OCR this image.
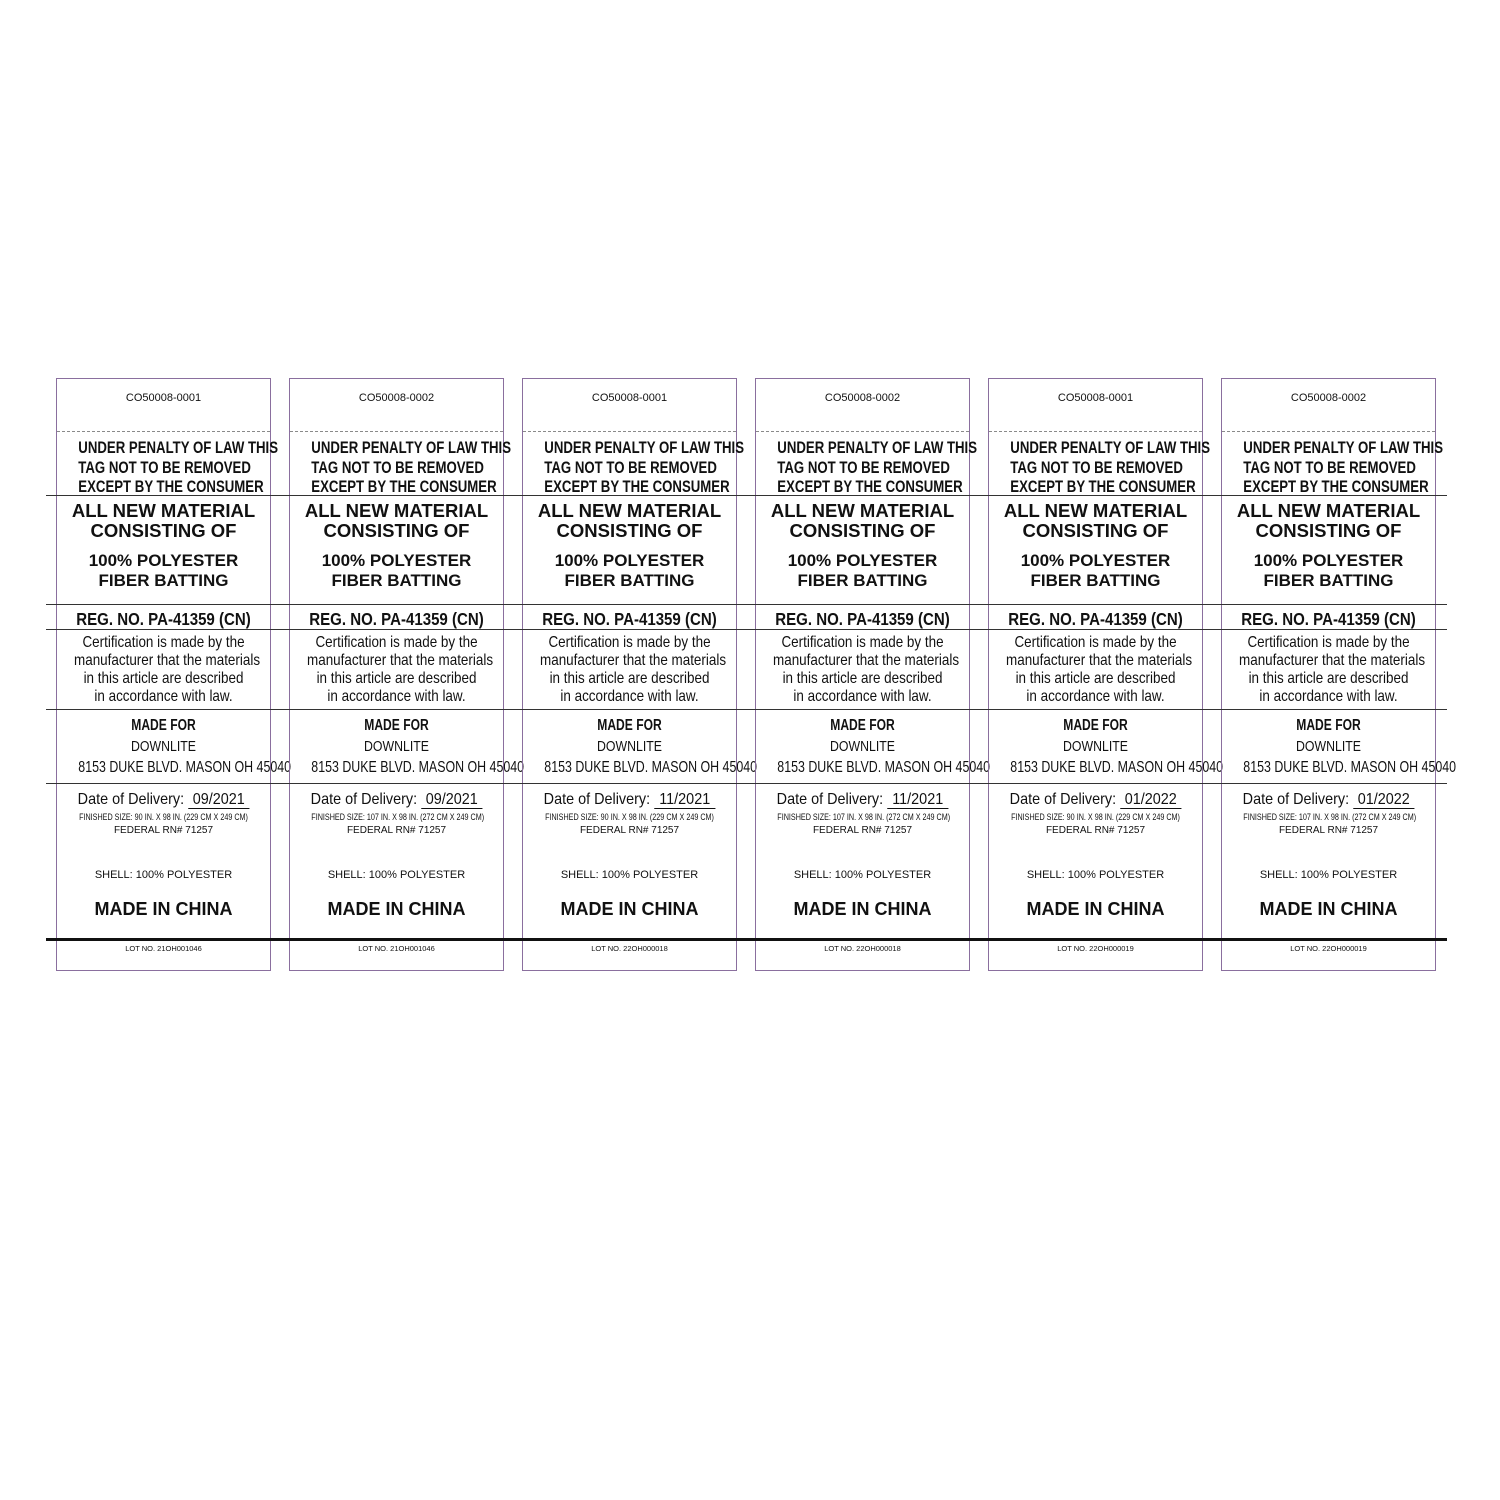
CO50008-0001
UNDER PENALTY OF LAW THIS
TAG NOT TO BE REMOVED
EXCEPT BY THE CONSUMER
ALL NEW MATERIAL
CONSISTING OF
100% POLYESTER
FIBER BATTING
REG. NO. PA-41359 (CN)
Certification is made by the
manufacturer that the materials
in this article are described
in accordance with law.
MADE FOR
DOWNLITE
8153 DUKE BLVD. MASON OH 45040
Date of Delivery: 09/2021
FINISHED SIZE: 90 IN. X 98 IN. (229 CM X 249 CM)
FEDERAL RN# 71257
SHELL: 100% POLYESTER
MADE IN CHINA
LOT NO. 21OH001046
CO50008-0002
UNDER PENALTY OF LAW THIS
TAG NOT TO BE REMOVED
EXCEPT BY THE CONSUMER
ALL NEW MATERIAL
CONSISTING OF
100% POLYESTER
FIBER BATTING
REG. NO. PA-41359 (CN)
Certification is made by the
manufacturer that the materials
in this article are described
in accordance with law.
MADE FOR
DOWNLITE
8153 DUKE BLVD. MASON OH 45040
Date of Delivery: 09/2021
FINISHED SIZE: 107 IN. X 98 IN. (272 CM X 249 CM)
FEDERAL RN# 71257
SHELL: 100% POLYESTER
MADE IN CHINA
LOT NO. 21OH001046
CO50008-0001
UNDER PENALTY OF LAW THIS
TAG NOT TO BE REMOVED
EXCEPT BY THE CONSUMER
ALL NEW MATERIAL
CONSISTING OF
100% POLYESTER
FIBER BATTING
REG. NO. PA-41359 (CN)
Certification is made by the
manufacturer that the materials
in this article are described
in accordance with law.
MADE FOR
DOWNLITE
8153 DUKE BLVD. MASON OH 45040
Date of Delivery: 11/2021
FINISHED SIZE: 90 IN. X 98 IN. (229 CM X 249 CM)
FEDERAL RN# 71257
SHELL: 100% POLYESTER
MADE IN CHINA
LOT NO. 22OH000018
CO50008-0002
UNDER PENALTY OF LAW THIS
TAG NOT TO BE REMOVED
EXCEPT BY THE CONSUMER
ALL NEW MATERIAL
CONSISTING OF
100% POLYESTER
FIBER BATTING
REG. NO. PA-41359 (CN)
Certification is made by the
manufacturer that the materials
in this article are described
in accordance with law.
MADE FOR
DOWNLITE
8153 DUKE BLVD. MASON OH 45040
Date of Delivery: 11/2021
FINISHED SIZE: 107 IN. X 98 IN. (272 CM X 249 CM)
FEDERAL RN# 71257
SHELL: 100% POLYESTER
MADE IN CHINA
LOT NO. 22OH000018
CO50008-0001
UNDER PENALTY OF LAW THIS
TAG NOT TO BE REMOVED
EXCEPT BY THE CONSUMER
ALL NEW MATERIAL
CONSISTING OF
100% POLYESTER
FIBER BATTING
REG. NO. PA-41359 (CN)
Certification is made by the
manufacturer that the materials
in this article are described
in accordance with law.
MADE FOR
DOWNLITE
8153 DUKE BLVD. MASON OH 45040
Date of Delivery: 01/2022
FINISHED SIZE: 90 IN. X 98 IN. (229 CM X 249 CM)
FEDERAL RN# 71257
SHELL: 100% POLYESTER
MADE IN CHINA
LOT NO. 22OH000019
CO50008-0002
UNDER PENALTY OF LAW THIS
TAG NOT TO BE REMOVED
EXCEPT BY THE CONSUMER
ALL NEW MATERIAL
CONSISTING OF
100% POLYESTER
FIBER BATTING
REG. NO. PA-41359 (CN)
Certification is made by the
manufacturer that the materials
in this article are described
in accordance with law.
MADE FOR
DOWNLITE
8153 DUKE BLVD. MASON OH 45040
Date of Delivery: 01/2022
FINISHED SIZE: 107 IN. X 98 IN. (272 CM X 249 CM)
FEDERAL RN# 71257
SHELL: 100% POLYESTER
MADE IN CHINA
LOT NO. 22OH000019
